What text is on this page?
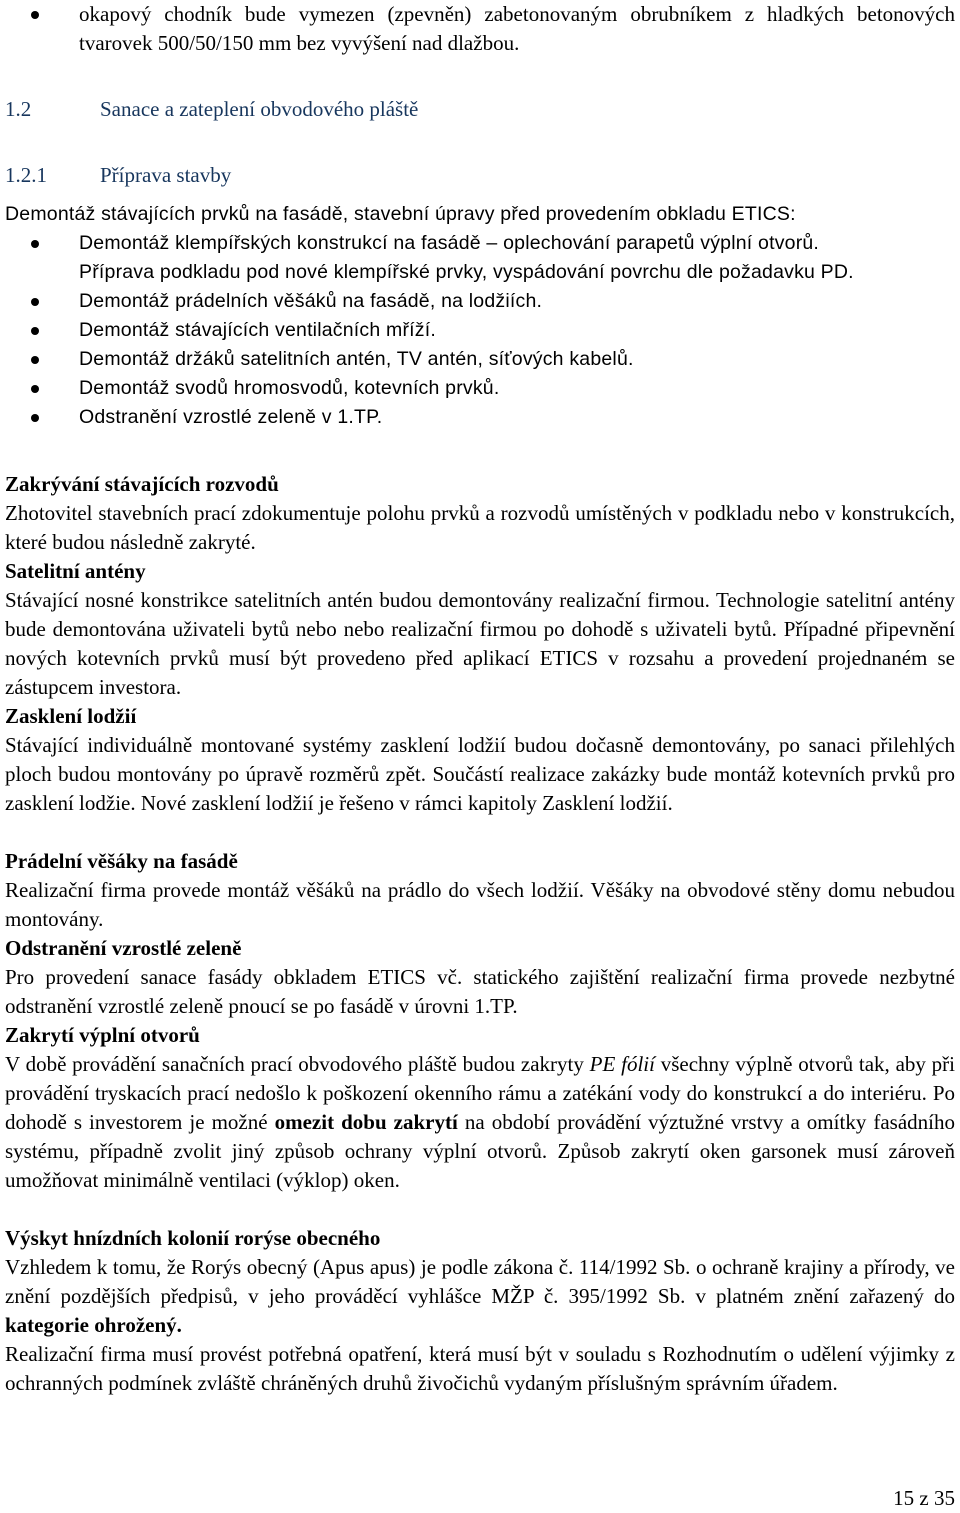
okapový chodník bude vymezen (zpevněn) zabetonovaným obrubníkem z hladkých betonových tvarovek 500/50/150 mm bez vyvýšení nad dlažbou.
1.2	Sanace a zateplení obvodového pláště
1.2.1	Příprava stavby
Demontáž stávajících prvků na fasádě, stavební úpravy před provedením obkladu ETICS:
Demontáž klempířských konstrukcí na fasádě – oplechování parapetů výplní otvorů.
Příprava podkladu pod nové klempířské prvky, vyspádování povrchu dle požadavku PD.
Demontáž prádelních věšáků na fasádě, na lodžiích.
Demontáž stávajících ventilačních mříží.
Demontáž držáků satelitních antén, TV antén, síťových kabelů.
Demontáž svodů hromosvodů, kotevních prvků.
Odstranění vzrostlé zeleně v 1.TP.
Zakrývání stávajících rozvodů
Zhotovitel stavebních prací zdokumentuje polohu prvků a rozvodů umístěných v podkladu nebo v konstrukcích, které budou následně zakryté.
Satelitní antény
Stávající nosné konstrikce satelitních antén budou demontovány realizační firmou. Technologie satelitní antény bude demontována uživateli bytů nebo nebo realizační firmou po dohodě s uživateli bytů. Případné připevnění nových kotevních prvků musí být provedeno před aplikací ETICS v rozsahu a provedení projednaném se zástupcem investora.
Zasklení lodžií
Stávající individuálně montované systémy zasklení lodžií budou dočasně demontovány, po sanaci přilehlých ploch budou montovány po úpravě rozměrů zpět. Součástí realizace zakázky bude montáž kotevních prvků pro zasklení lodžie. Nové zasklení lodžií je řešeno v rámci kapitoly Zasklení lodžií.
Prádelní věšáky na fasádě
Realizační firma provede montáž věšáků na prádlo do všech lodžií. Věšáky na obvodové stěny domu nebudou montovány.
Odstranění vzrostlé zeleně
Pro provedení sanace fasády obkladem ETICS vč. statického zajištění realizační firma provede nezbytné odstranění vzrostlé zeleně pnoucí se po fasádě v úrovni 1.TP.
Zakrytí výplní otvorů
V době provádění sanačních prací obvodového pláště budou zakryty PE fólií všechny výplně otvorů tak, aby při provádění tryskacích prací nedošlo k poškození okenního rámu a zatékání vody do konstrukcí a do interiéru. Po dohodě s investorem je možné omezit dobu zakrytí na období provádění výztužné vrstvy a omítky fasádního systému, případně zvolit jiný způsob ochrany výplní otvorů. Způsob zakrytí oken garsonek musí zároveň umožňovat minimálně ventilaci (výklop) oken.
Výskyt hnízdních kolonií rorýse obecného
Vzhledem k tomu, že Rorýs obecný (Apus apus) je podle zákona č. 114/1992 Sb. o ochraně krajiny a přírody, ve znění pozdějších předpisů, v jeho prováděcí vyhlášce MŽP č. 395/1992 Sb. v platném znění zařazený do kategorie ohrožený.
Realizační firma musí provést potřebná opatření, která musí být v souladu s Rozhodnutím o udělení výjimky z ochranných podmínek zvláště chráněných druhů živočichů vydaným příslušným správním úřadem.
15 z 35
